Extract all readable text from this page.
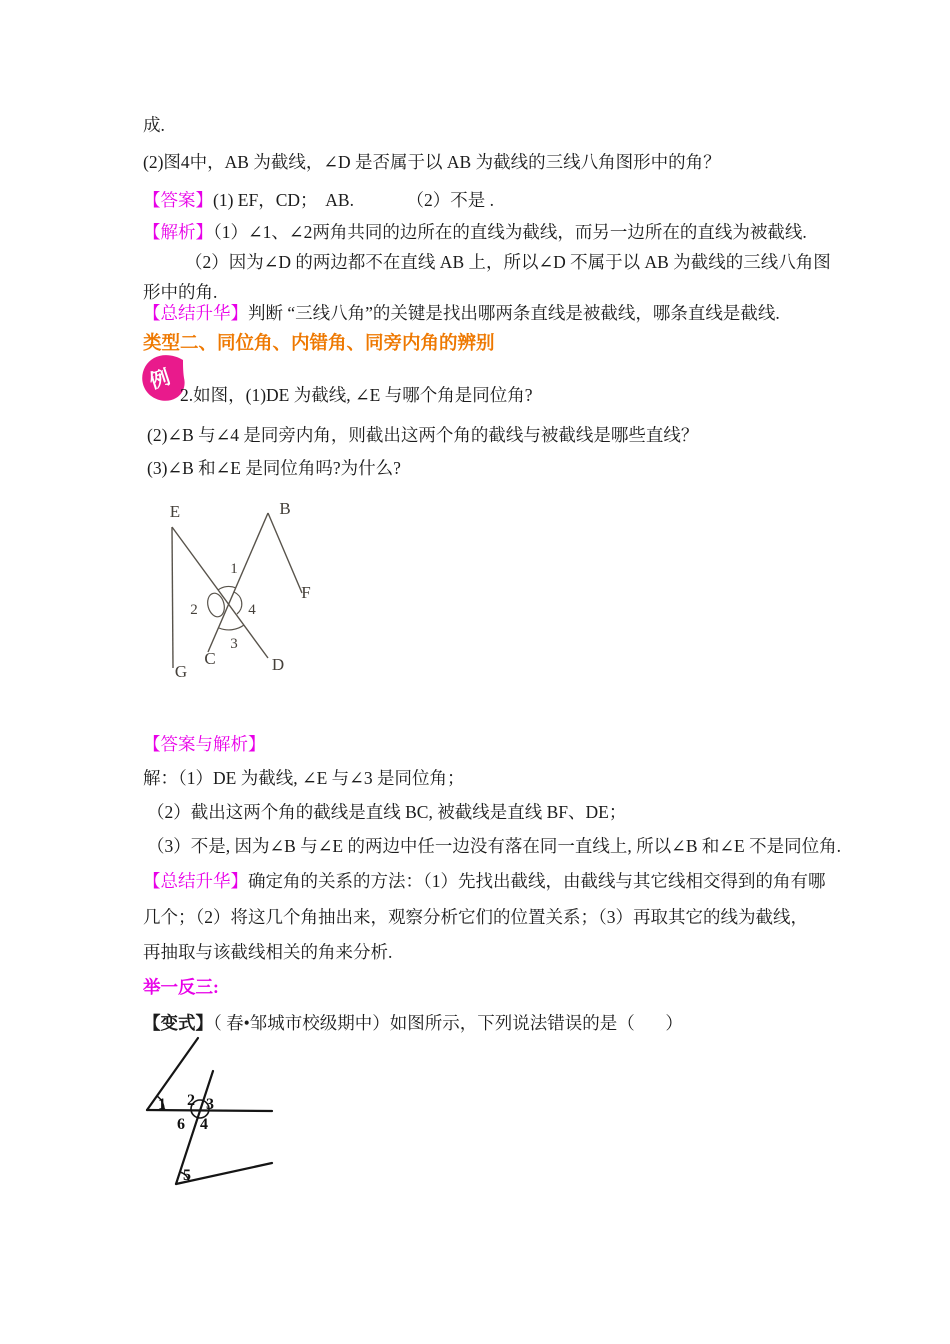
成.
(2)图4中，AB 为截线，∠D 是否属于以 AB 为截线的三线八角图形中的角？
【答案】(1) EF，CD；  AB.            （2）不是 .
【解析】（1）∠1、∠2两角共同的边所在的直线为截线，而另一边所在的直线为被截线.
（2）因为∠D 的两边都不在直线 AB 上，所以∠D 不属于以 AB 为截线的三线八角图
形中的角.
【总结升华】判断 “三线八角”的关键是找出哪两条直线是被截线，哪条直线是截线.
类型二、同位角、内错角、同旁内角的辨别
例
2.如图，(1)DE 为截线, ∠E 与哪个角是同位角?
(2)∠B 与∠4 是同旁内角，则截出这两个角的截线与被截线是哪些直线？
(3)∠B 和∠E 是同位角吗?为什么?
E	B
F
G
C	D
1
2
3
4
【答案与解析】
解：（1）DE 为截线, ∠E 与∠3 是同位角；
（2）截出这两个角的截线是直线 BC, 被截线是直线 BF、DE；
（3）不是, 因为∠B 与∠E 的两边中任一边没有落在同一直线上, 所以∠B 和∠E 不是同位角.
【总结升华】确定角的关系的方法：（1）先找出截线，由截线与其它线相交得到的角有哪
几个；（2）将这几个角抽出来，观察分析它们的位置关系；（3）再取其它的线为截线，
再抽取与该截线相关的角来分析.
举一反三:
【变式】（ 春•邹城市校级期中）如图所示，下列说法错误的是（       ）
1 2 3
6 4
5
